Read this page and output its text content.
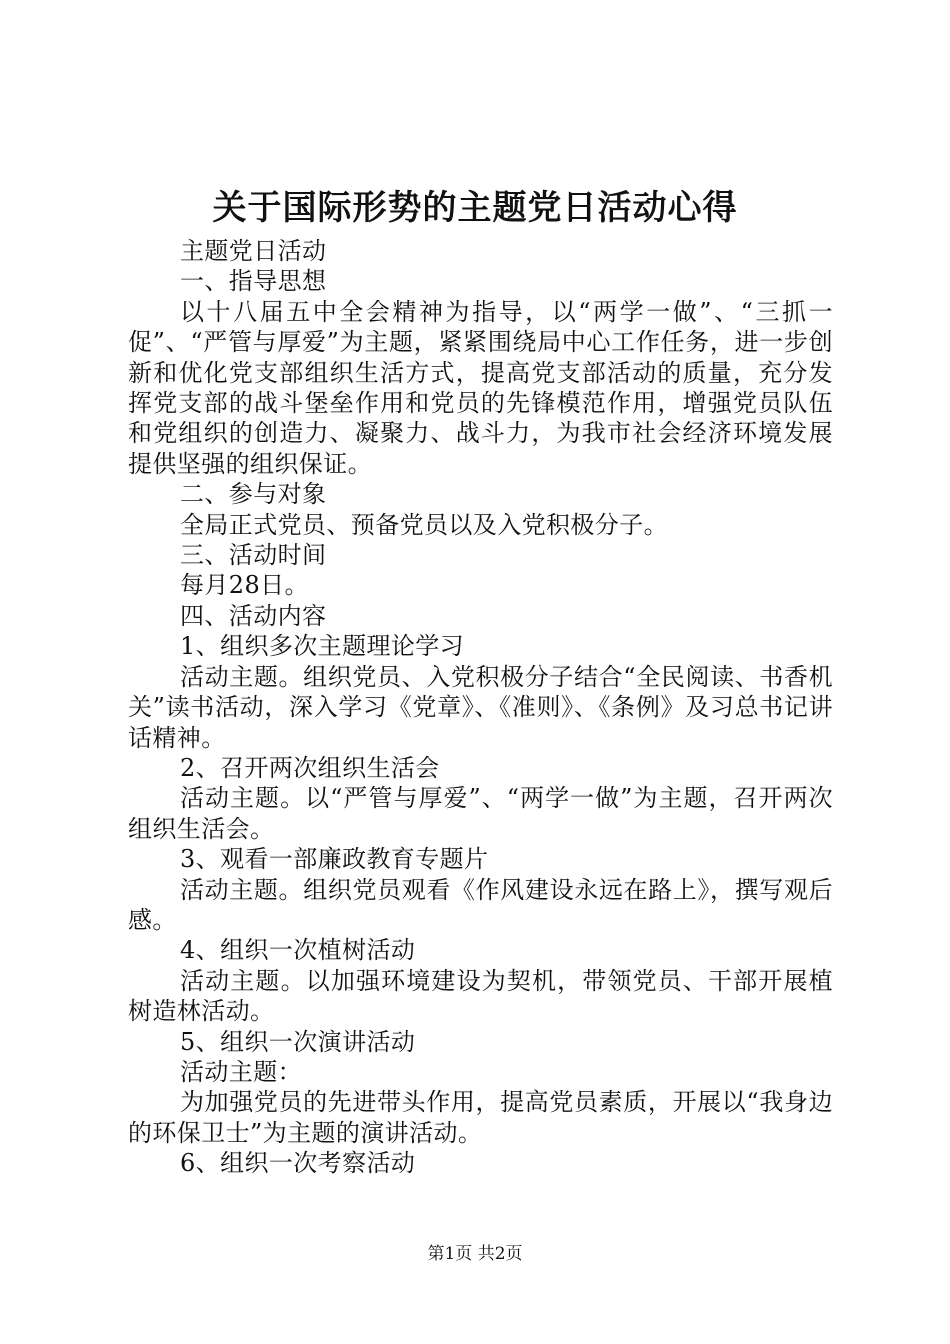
关于国际形势的主题党日活动心得

主题党日活动

一、指导思想

以十八届五中全会精神为指导，以“两学一做”、“三抓一促”、“严管与厚爱”为主题，紧紧围绕局中心工作任务，进一步创新和优化党支部组织生活方式，提高党支部活动的质量，充分发挥党支部的战斗堡垒作用和党员的先锋模范作用，增强党员队伍和党组织的创造力、凝聚力、战斗力，为我市社会经济环境发展提供坚强的组织保证。

二、参与对象

全局正式党员、预备党员以及入党积极分子。

三、活动时间

每月28日。

四、活动内容

1、组织多次主题理论学习

活动主题。组织党员、入党积极分子结合“全民阅读、书香机关”读书活动，深入学习《党章》、《准则》、《条例》及习总书记讲话精神。

2、召开两次组织生活会

活动主题。以“严管与厚爱”、“两学一做”为主题，召开两次组织生活会。

3、观看一部廉政教育专题片

活动主题。组织党员观看《作风建设永远在路上》，撰写观后感。

4、组织一次植树活动

活动主题。以加强环境建设为契机，带领党员、干部开展植树造林活动。

5、组织一次演讲活动

活动主题：

为加强党员的先进带头作用，提高党员素质，开展以“我身边的环保卫士”为主题的演讲活动。

6、组织一次考察活动

第1页 共2页
